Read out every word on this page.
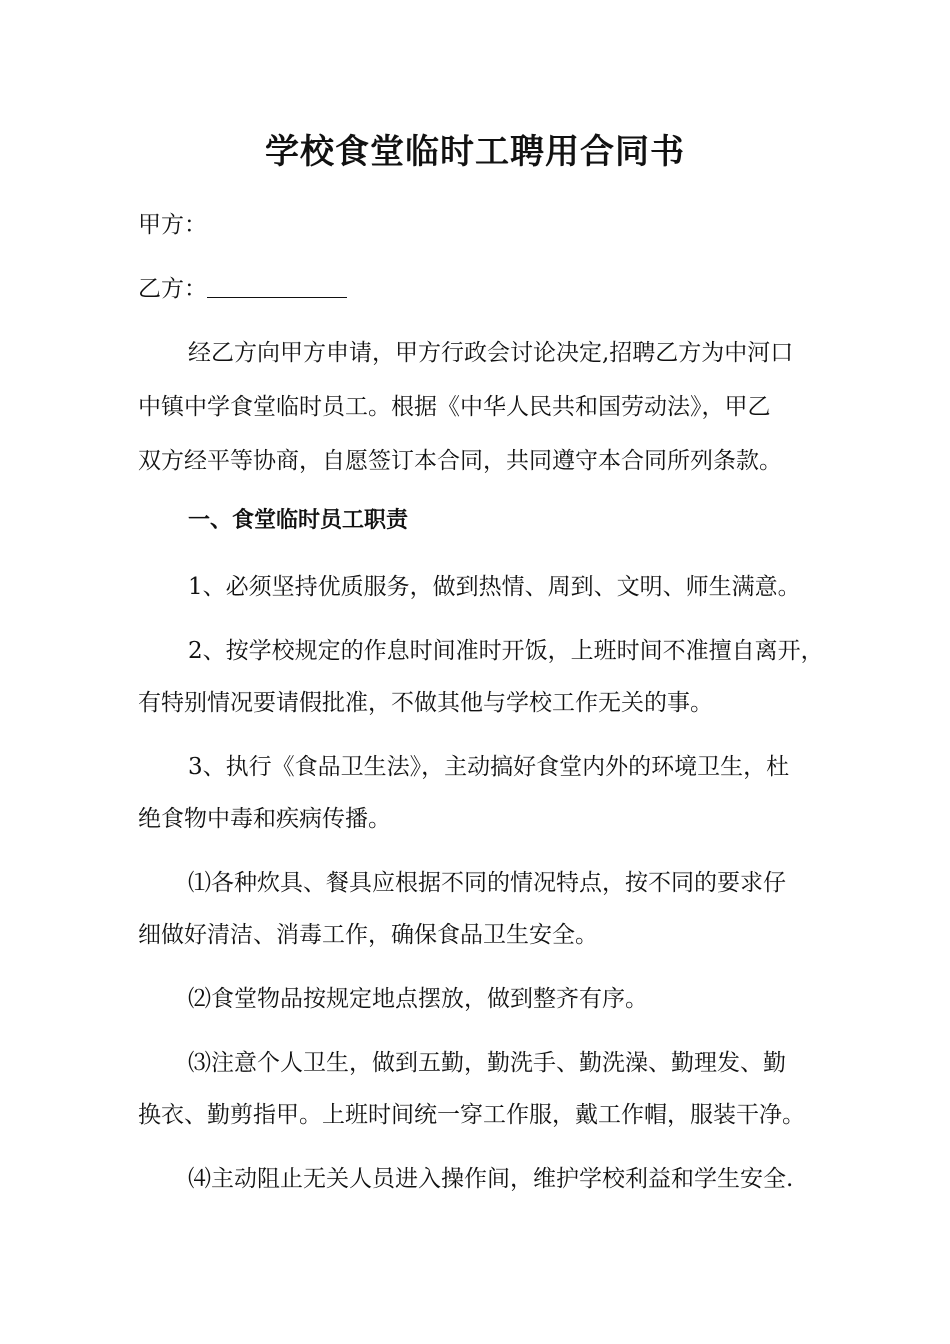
学校食堂临时工聘用合同书

甲方：

乙方：

经乙方向甲方申请，甲方行政会讨论决定,招聘乙方为中河口

中镇中学食堂临时员工。根据《中华人民共和国劳动法》，甲乙

双方经平等协商，自愿签订本合同，共同遵守本合同所列条款。

一、食堂临时员工职责

1、必须坚持优质服务，做到热情、周到、文明、师生满意。

2、按学校规定的作息时间准时开饭，上班时间不准擅自离开，

有特别情况要请假批准，不做其他与学校工作无关的事。

3、执行《食品卫生法》，主动搞好食堂内外的环境卫生，杜

绝食物中毒和疾病传播。

⑴各种炊具、餐具应根据不同的情况特点，按不同的要求仔

细做好清洁、消毒工作，确保食品卫生安全。

⑵食堂物品按规定地点摆放，做到整齐有序。

⑶注意个人卫生，做到五勤，勤洗手、勤洗澡、勤理发、勤

换衣、勤剪指甲。上班时间统一穿工作服，戴工作帽，服装干净。

⑷主动阻止无关人员进入操作间，维护学校利益和学生安全.
